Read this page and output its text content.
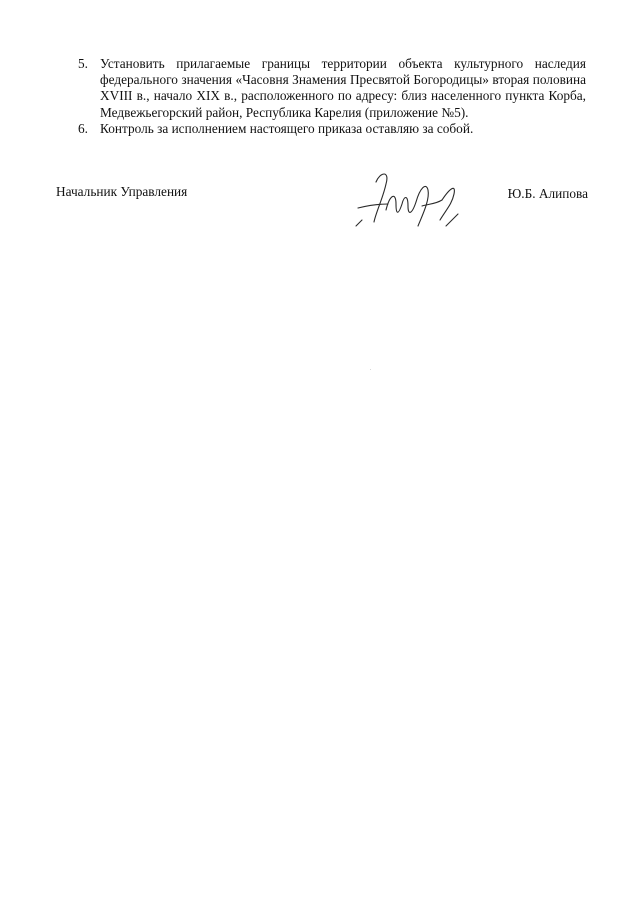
5. Установить прилагаемые границы территории объекта культурного наследия федерального значения «Часовня Знамения Пресвятой Богородицы» вторая половина XVIII в., начало XIX в., расположенного по адресу: близ населенного пункта Корба, Медвежьегорский район, Республика Карелия (приложение №5).
6. Контроль за исполнением настоящего приказа оставляю за собой.
Начальник Управления	Ю.Б. Алипова
